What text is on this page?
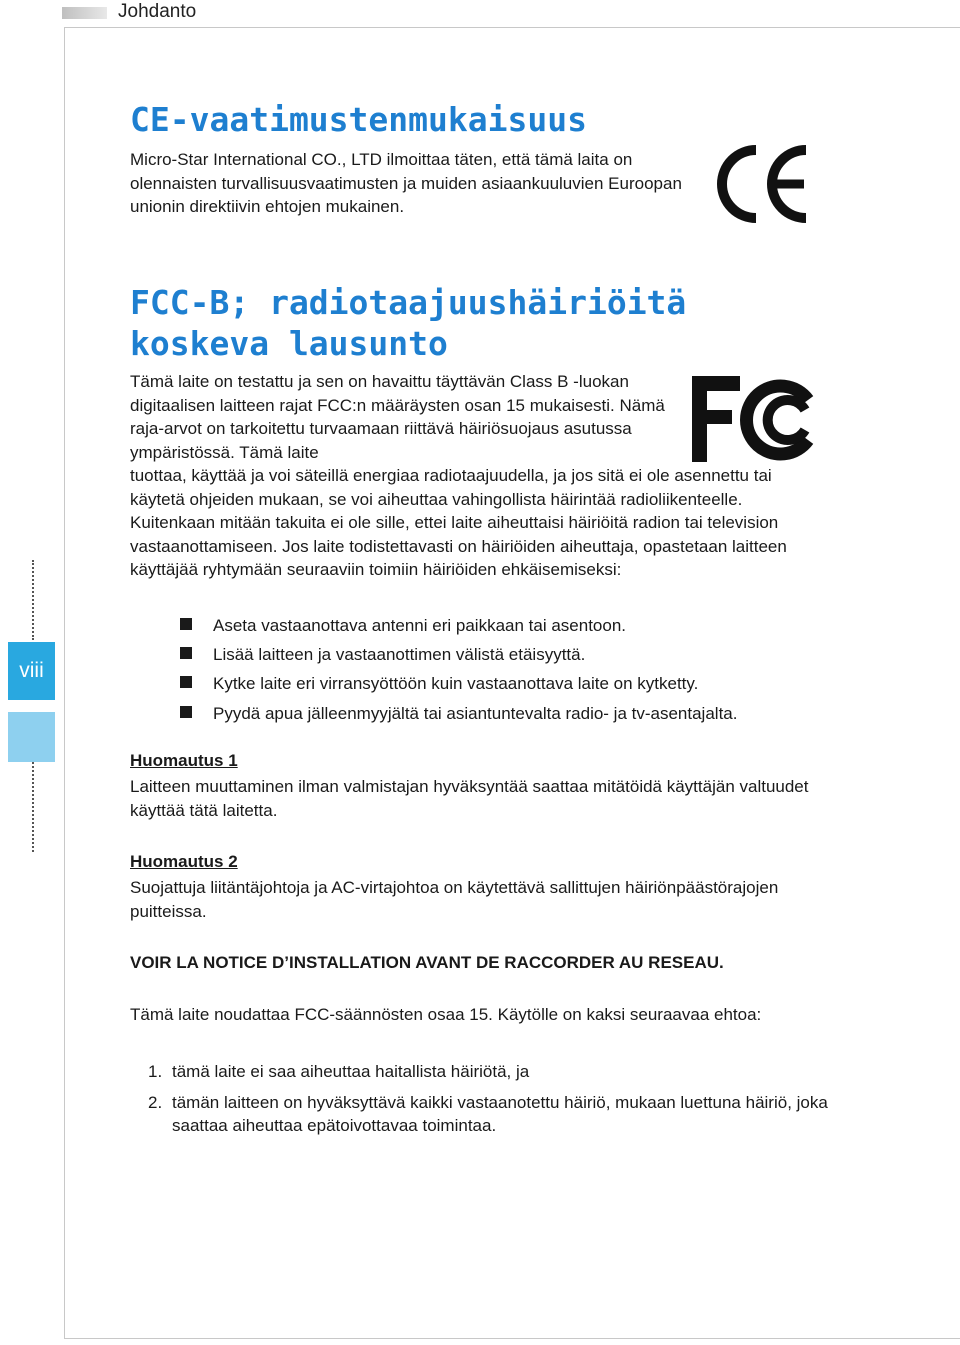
Johdanto
viii
CE-vaatimustenmukaisuus

Micro-Star International CO., LTD ilmoittaa täten, että tämä laita on olennaisten turvallisuusvaatimusten ja muiden asiaankuuluvien Euroopan unionin direktiivin ehtojen mukainen.

FCC-B; radiotaajuushäiriöitä koskeva lausunto

Tämä laite on testattu ja sen on havaittu täyttävän Class B -luokan digitaalisen laitteen rajat FCC:n määräysten osan 15 mukaisesti. Nämä raja-arvot on tarkoitettu turvaamaan riittävä häiriösuojaus asutussa ympäristössä. Tämä laite

tuottaa, käyttää ja voi säteillä energiaa radiotaajuudella, ja jos sitä ei ole asennettu tai käytetä ohjeiden mukaan, se voi aiheuttaa vahingollista häirintää radioliikenteelle. Kuitenkaan mitään takuita ei ole sille, ettei laite aiheuttaisi häiriöitä radion tai television vastaanottamiseen. Jos laite todistettavasti on häiriöiden aiheuttaja, opastetaan laitteen käyttäjää ryhtymään seuraaviin toimiin häiriöiden ehkäisemiseksi:

Aseta vastaanottava antenni eri paikkaan tai asentoon.
Lisää laitteen ja vastaanottimen välistä etäisyyttä.
Kytke laite eri virransyöttöön kuin vastaanottava laite on kytketty.
Pyydä apua jälleenmyyjältä tai asiantuntevalta radio- ja tv-asentajalta.
Huomautus 1

Laitteen muuttaminen ilman valmistajan hyväksyntää saattaa mitätöidä käyttäjän valtuudet käyttää tätä laitetta.

Huomautus 2

Suojattuja liitäntäjohtoja ja AC-virtajohtoa on käytettävä sallittujen häiriönpäästörajojen puitteissa.

VOIR LA NOTICE D’INSTALLATION AVANT DE RACCORDER AU RESEAU.

Tämä laite noudattaa FCC-säännösten osaa 15. Käytölle on kaksi seuraavaa ehtoa:

1. tämä laite ei saa aiheuttaa haitallista häiriötä, ja
2. tämän laitteen on hyväksyttävä kaikki vastaanotettu häiriö, mukaan luettuna häiriö, joka saattaa aiheuttaa epätoivottavaa toimintaa.
